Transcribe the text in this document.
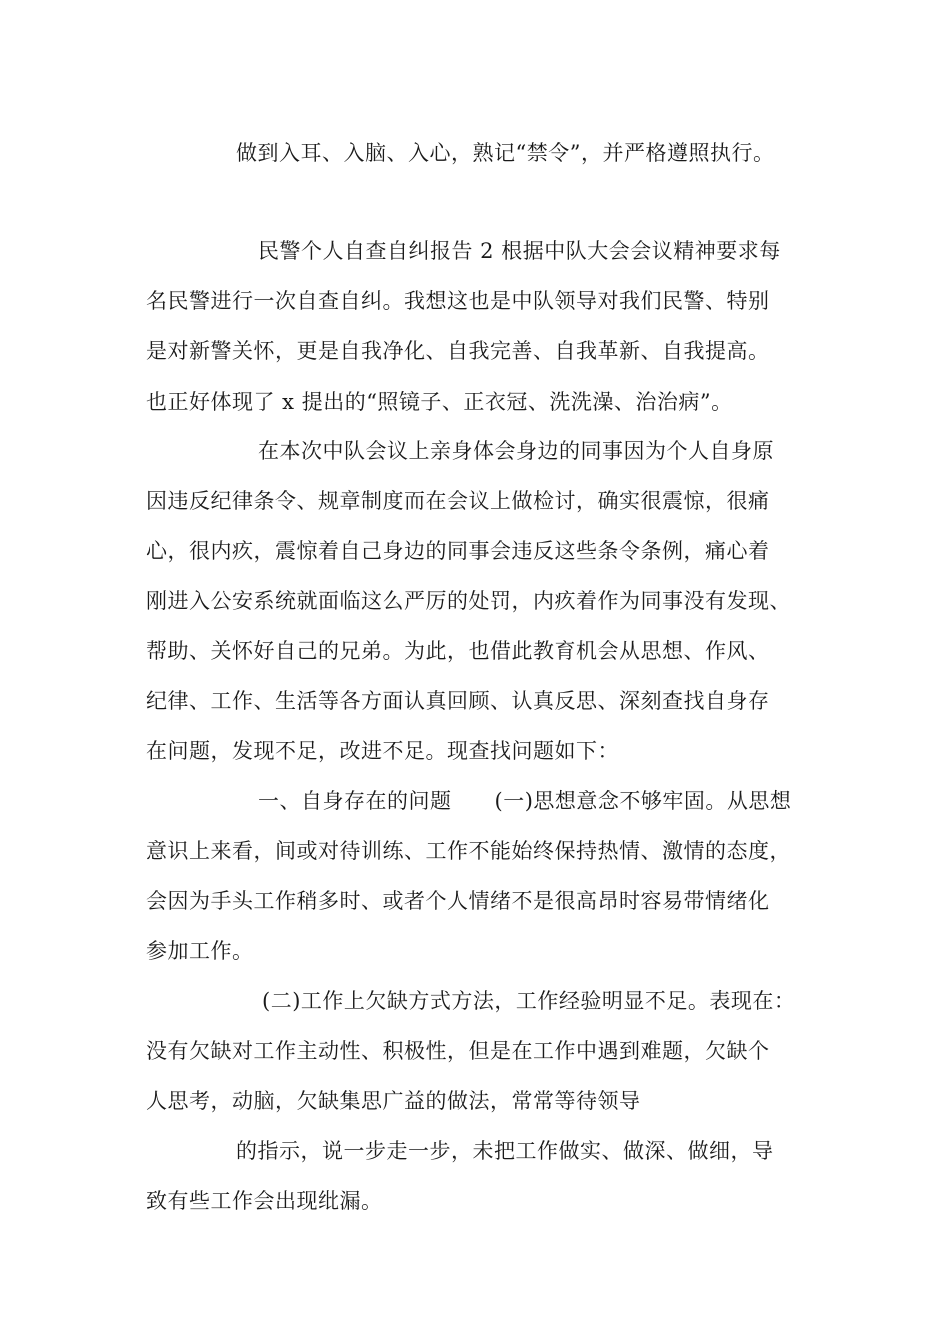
做到入耳、入脑、入心，熟记“禁令”，并严格遵照执行。
民警个人自查自纠报告 2 根据中队大会会议精神要求每
名民警进行一次自查自纠。我想这也是中队领导对我们民警、特别
是对新警关怀，更是自我净化、自我完善、自我革新、自我提高。
也正好体现了 x 提出的“照镜子、正衣冠、洗洗澡、治治病”。
在本次中队会议上亲身体会身边的同事因为个人自身原
因违反纪律条令、规章制度而在会议上做检讨，确实很震惊，很痛
心，很内疚，震惊着自己身边的同事会违反这些条令条例，痛心着
刚进入公安系统就面临这么严厉的处罚，内疚着作为同事没有发现、
帮助、关怀好自己的兄弟。为此，也借此教育机会从思想、作风、
纪律、工作、生活等各方面认真回顾、认真反思、深刻查找自身存
在问题，发现不足，改进不足。现查找问题如下：
一、自身存在的问题　　(一)思想意念不够牢固。从思想
意识上来看，间或对待训练、工作不能始终保持热情、激情的态度，
会因为手头工作稍多时、或者个人情绪不是很高昂时容易带情绪化
参加工作。
(二)工作上欠缺方式方法，工作经验明显不足。表现在：
没有欠缺对工作主动性、积极性，但是在工作中遇到难题，欠缺个
人思考，动脑，欠缺集思广益的做法，常常等待领导
的指示，说一步走一步，未把工作做实、做深、做细，导
致有些工作会出现纰漏。
